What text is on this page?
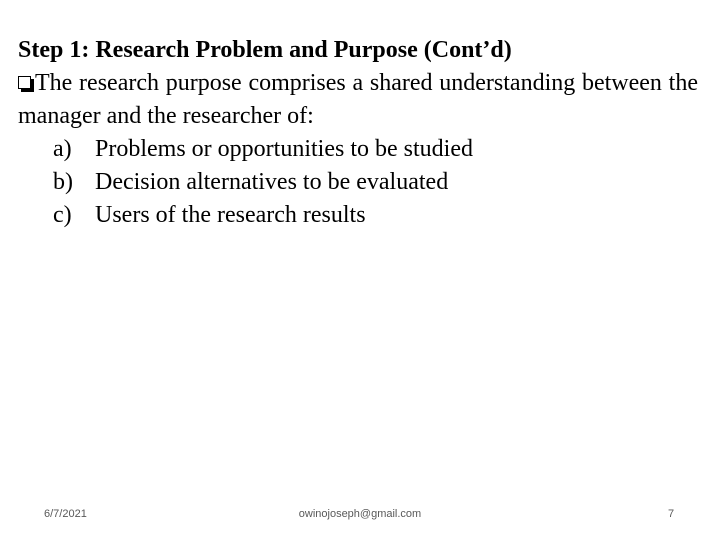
Step 1: Research Problem and Purpose (Cont’d)

The research purpose comprises a shared understanding between the manager and the researcher of:

a) Problems or opportunities to be studied
b) Decision alternatives to be evaluated
c) Users of the research results
6/7/2021	owinojoseph@gmail.com	7
